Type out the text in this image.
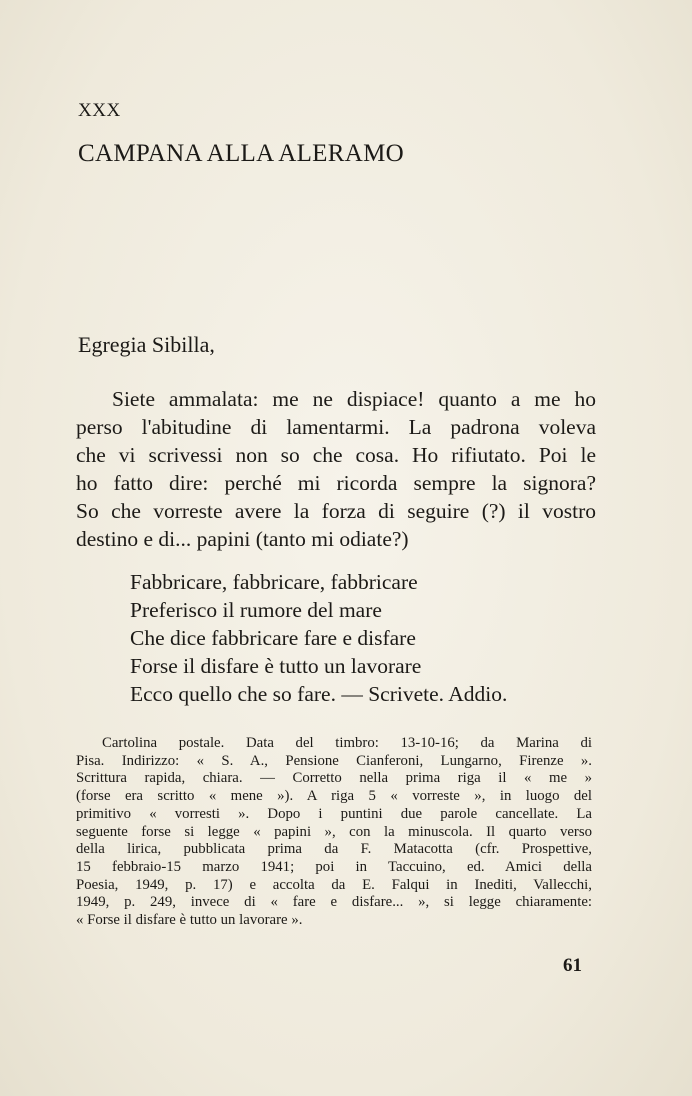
XXX
CAMPANA ALLA ALERAMO
Egregia Sibilla,
Siete ammalata: me ne dispiace! quanto a me ho
perso l'abitudine di lamentarmi. La padrona voleva
che vi scrivessi non so che cosa. Ho rifiutato. Poi le
ho fatto dire: perché mi ricorda sempre la signora?
So che vorreste avere la forza di seguire (?) il vostro
destino e di... papini (tanto mi odiate?)
Fabbricare, fabbricare, fabbricare
Preferisco il rumore del mare
Che dice fabbricare fare e disfare
Forse il disfare è tutto un lavorare
Ecco quello che so fare. — Scrivete. Addio.
Cartolina postale. Data del timbro: 13-10-16; da Marina di
Pisa. Indirizzo: « S. A., Pensione Cianferoni, Lungarno, Firenze ».
Scrittura rapida, chiara. — Corretto nella prima riga il « me »
(forse era scritto « mene »). A riga 5 « vorreste », in luogo del
primitivo « vorresti ». Dopo i puntini due parole cancellate. La
seguente forse si legge « papini », con la minuscola. Il quarto verso
della lirica, pubblicata prima da F. Matacotta (cfr. Prospettive,
15 febbraio-15 marzo 1941; poi in Taccuino, ed. Amici della
Poesia, 1949, p. 17) e accolta da E. Falqui in Inediti, Vallecchi,
1949, p. 249, invece di « fare e disfare... », si legge chiaramente:
« Forse il disfare è tutto un lavorare ».
61
